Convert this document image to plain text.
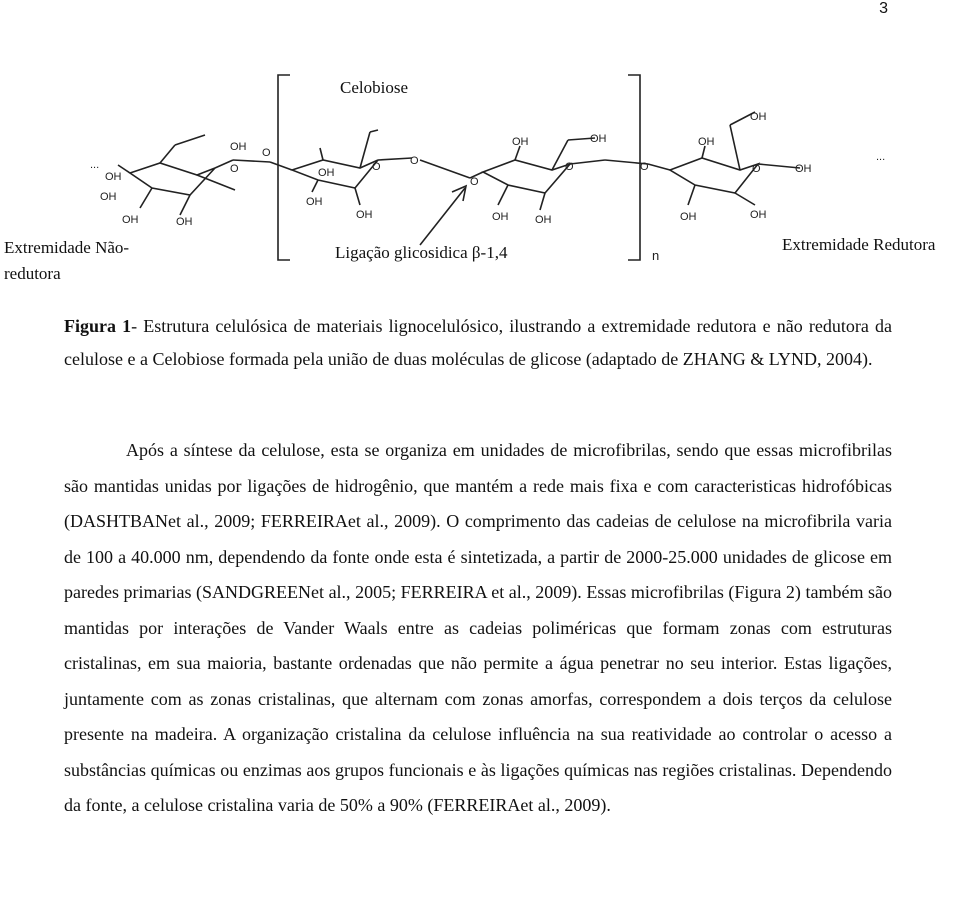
3
...
OH
OH
OH
OH
O
OH
O
OH
OH
O
OH
O
O
OH
OH OH
OH
O	O
OH
OH
OH
O	OH
OH
...
n
Celobiose
Extremidade Não-redutora
Ligação glicosidica β-1,4	Extremidade Redutora
Figura 1- Estrutura celulósica de materiais lignocelulósico, ilustrando a extremidade redutora e não redutora da celulose e a Celobiose formada pela união de duas moléculas de glicose (adaptado de ZHANG & LYND, 2004).

Após a síntese da celulose, esta se organiza em unidades de microfibrilas, sendo que essas microfibrilas são mantidas unidas por ligações de hidrogênio, que mantém a rede mais fixa e com caracteristicas hidrofóbicas (DASHTBANet al., 2009; FERREIRAet al., 2009). O comprimento das cadeias de celulose na microfibrila varia de 100 a 40.000 nm, dependendo da fonte onde esta é sintetizada, a partir de 2000-25.000 unidades de glicose em paredes primarias (SANDGREENet al., 2005; FERREIRA et al., 2009). Essas microfibrilas (Figura 2) também são mantidas por interações de Vander Waals entre as cadeias poliméricas que formam zonas com estruturas cristalinas, em sua maioria, bastante ordenadas que não permite a água penetrar no seu interior. Estas ligações, juntamente com as zonas cristalinas, que alternam com zonas amorfas, correspondem a dois terços da celulose presente na madeira. A organização cristalina da celulose influência na sua reatividade ao controlar o acesso a substâncias químicas ou enzimas aos grupos funcionais e às ligações químicas nas regiões cristalinas. Dependendo da fonte, a celulose cristalina varia de 50% a 90% (FERREIRAet al., 2009).
